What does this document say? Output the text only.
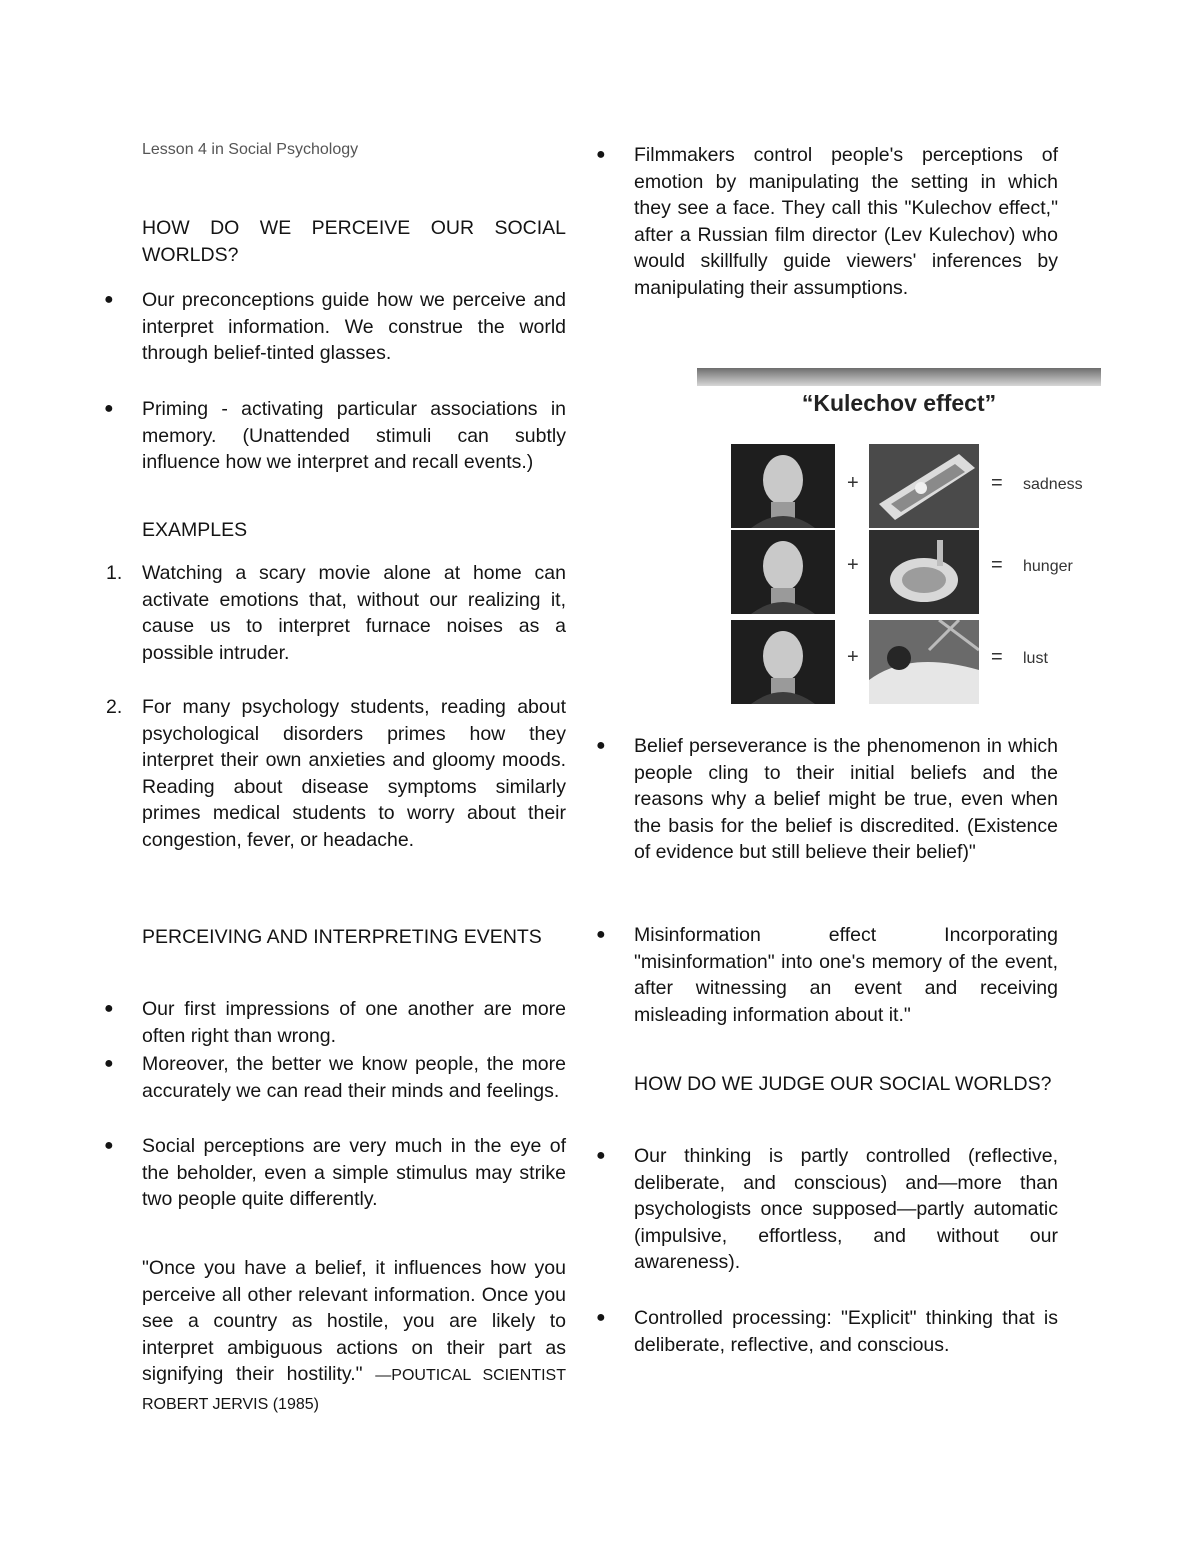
Lesson 4 in Social Psychology

HOW DO WE PERCEIVE OUR SOCIAL WORLDS?

● Our preconceptions guide how we perceive and interpret information. We construe the world through belief-tinted glasses.
● Priming - activating particular associations in memory. (Unattended stimuli can subtly influence how we interpret and recall events.)

EXAMPLES

1. Watching a scary movie alone at home can activate emotions that, without our realizing it, cause us to interpret furnace noises as a possible intruder.
2. For many psychology students, reading about psychological disorders primes how they interpret their own anxieties and gloomy moods. Reading about disease symptoms similarly primes medical students to worry about their congestion, fever, or headache.

PERCEIVING AND INTERPRETING EVENTS

● Our first impressions of one another are more often right than wrong.
● Moreover, the better we know people, the more accurately we can read their minds and feelings.
● Social perceptions are very much in the eye of the beholder, even a simple stimulus may strike two people quite differently.

"Once you have a belief, it influences how you perceive all other relevant information. Once you see a country as hostile, you are likely to interpret ambiguous actions on their part as signifying their hostility." —POUTICAL SCIENTIST ROBERT JERVIS (1985)

● Filmmakers control people's perceptions of emotion by manipulating the setting in which they see a face. They call this "Kulechov effect," after a Russian film director (Lev Kulechov) who would skillfully guide viewers' inferences by manipulating their assumptions.
● Belief perseverance is the phenomenon in which people cling to their initial beliefs and the reasons why a belief might be true, even when the basis for the belief is discredited. (Existence of evidence but still believe their belief)"
● Misinformation effect Incorporating "misinformation" into one's memory of the event, after witnessing an event and receiving misleading information about it."

HOW DO WE JUDGE OUR SOCIAL WORLDS?

● Our thinking is partly controlled (reflective, deliberate, and conscious) and—more than psychologists once supposed—partly automatic (impulsive, effortless, and without our awareness).
● Controlled processing: "Explicit" thinking that is deliberate, reflective, and conscious.
“Kulechov effect”
+	= sadness
+	= hunger
+	= lust
